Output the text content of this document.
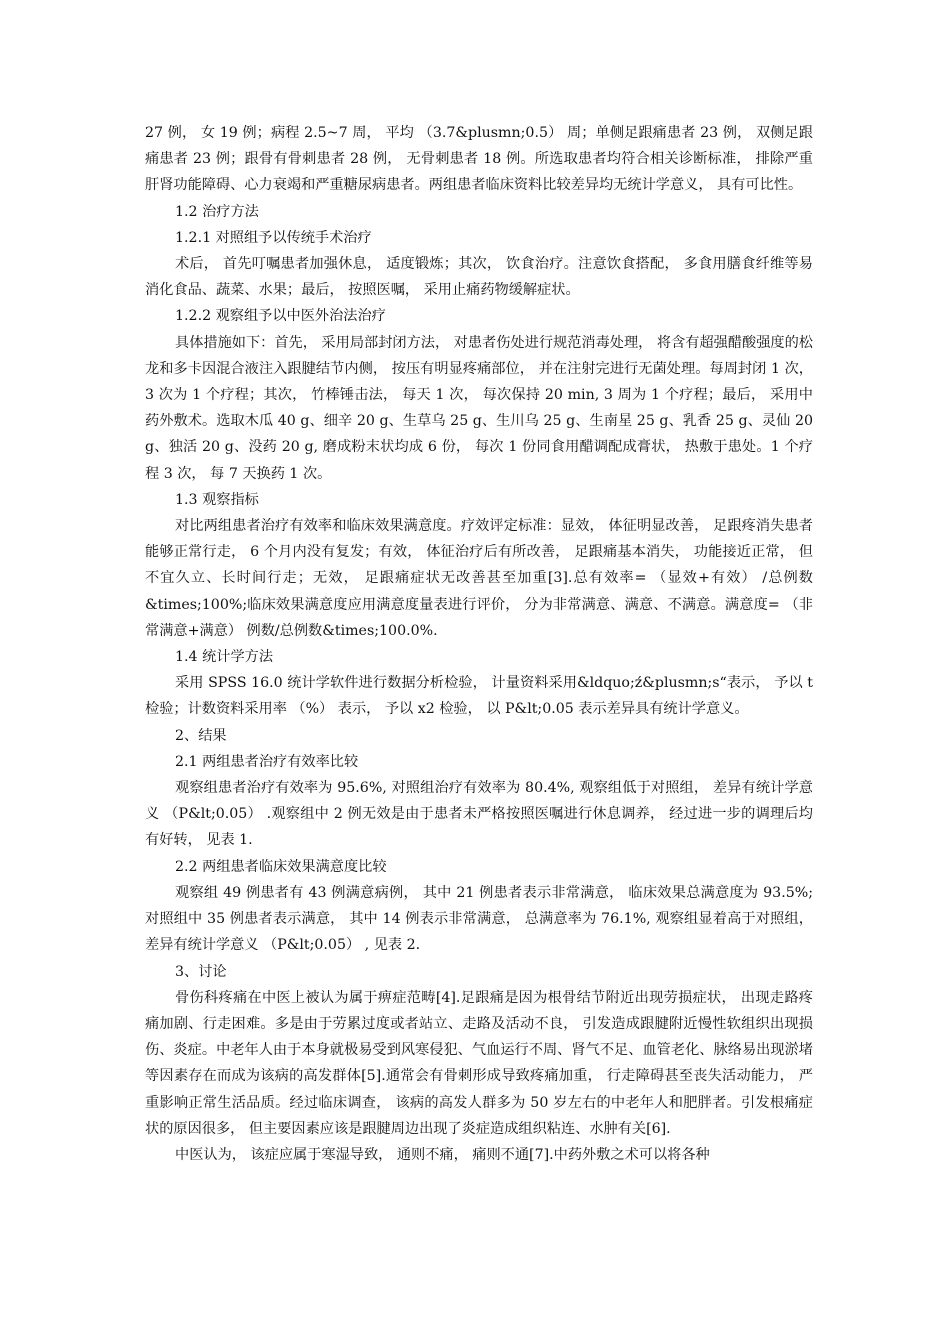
27 例， 女 19 例；病程 2.5~7 周， 平均 （3.7&plusmn;0.5） 周；单侧足跟痛患者 23 例， 双侧足跟痛患者 23 例；跟骨有骨刺患者 28 例， 无骨刺患者 18 例。所选取患者均符合相关诊断标准， 排除严重肝肾功能障碍、心力衰竭和严重糖尿病患者。两组患者临床资料比较差异均无统计学意义， 具有可比性。

1.2 治疗方法

1.2.1 对照组予以传统手术治疗

术后， 首先叮嘱患者加强休息， 适度锻炼；其次， 饮食治疗。注意饮食搭配， 多食用膳食纤维等易消化食品、蔬菜、水果；最后， 按照医嘱， 采用止痛药物缓解症状。

1.2.2 观察组予以中医外治法治疗

具体措施如下：首先， 采用局部封闭方法， 对患者伤处进行规范消毒处理， 将含有超强醋酸强度的松龙和多卡因混合液注入跟腱结节内侧， 按压有明显疼痛部位， 并在注射完进行无菌处理。每周封闭 1 次， 3 次为 1 个疗程；其次， 竹棒锤击法， 每天 1 次， 每次保持 20 min, 3 周为 1 个疗程；最后， 采用中药外敷术。选取木瓜 40 g、细辛 20 g、生草乌 25 g、生川乌 25 g、生南星 25 g、乳香 25 g、灵仙 20 g、独活 20 g、没药 20 g, 磨成粉末状均成 6 份， 每次 1 份同食用醋调配成膏状， 热敷于患处。1 个疗程 3 次， 每 7 天换药 1 次。

1.3 观察指标

对比两组患者治疗有效率和临床效果满意度。疗效评定标准：显效， 体征明显改善， 足跟疼消失患者能够正常行走， 6 个月内没有复发；有效， 体征治疗后有所改善， 足跟痛基本消失， 功能接近正常， 但不宜久立、长时间行走；无效， 足跟痛症状无改善甚至加重[3].总有效率= （显效+有效） /总例数&times;100%;临床效果满意度应用满意度量表进行评价， 分为非常满意、满意、不满意。满意度= （非常满意+满意） 例数/总例数&times;100.0%.

1.4 统计学方法

采用 SPSS 16.0 统计学软件进行数据分析检验， 计量资料采用&ldquo;ź&plusmn;s“表示， 予以 t 检验；计数资料采用率 （%） 表示， 予以 x2 检验， 以 P&lt;0.05 表示差异具有统计学意义。

2、结果

2.1 两组患者治疗有效率比较

观察组患者治疗有效率为 95.6%, 对照组治疗有效率为 80.4%, 观察组低于对照组， 差异有统计学意义 （P&lt;0.05） .观察组中 2 例无效是由于患者未严格按照医嘱进行休息调养， 经过进一步的调理后均有好转， 见表 1.

2.2 两组患者临床效果满意度比较

观察组 49 例患者有 43 例满意病例， 其中 21 例患者表示非常满意， 临床效果总满意度为 93.5%;对照组中 35 例患者表示满意， 其中 14 例表示非常满意， 总满意率为 76.1%, 观察组显着高于对照组， 差异有统计学意义 （P&lt;0.05） , 见表 2.

3、讨论

骨伤科疼痛在中医上被认为属于痹症范畴[4].足跟痛是因为根骨结节附近出现劳损症状， 出现走路疼痛加剧、行走困难。多是由于劳累过度或者站立、走路及活动不良， 引发造成跟腱附近慢性软组织出现损伤、炎症。中老年人由于本身就极易受到风寒侵犯、气血运行不周、肾气不足、血管老化、脉络易出现淤堵等因素存在而成为该病的高发群体[5].通常会有骨刺形成导致疼痛加重， 行走障碍甚至丧失活动能力， 严重影响正常生活品质。经过临床调查， 该病的高发人群多为 50 岁左右的中老年人和肥胖者。引发根痛症状的原因很多， 但主要因素应该是跟腱周边出现了炎症造成组织粘连、水肿有关[6].

中医认为， 该症应属于寒湿导致， 通则不痛， 痛则不通[7].中药外敷之术可以将各种
